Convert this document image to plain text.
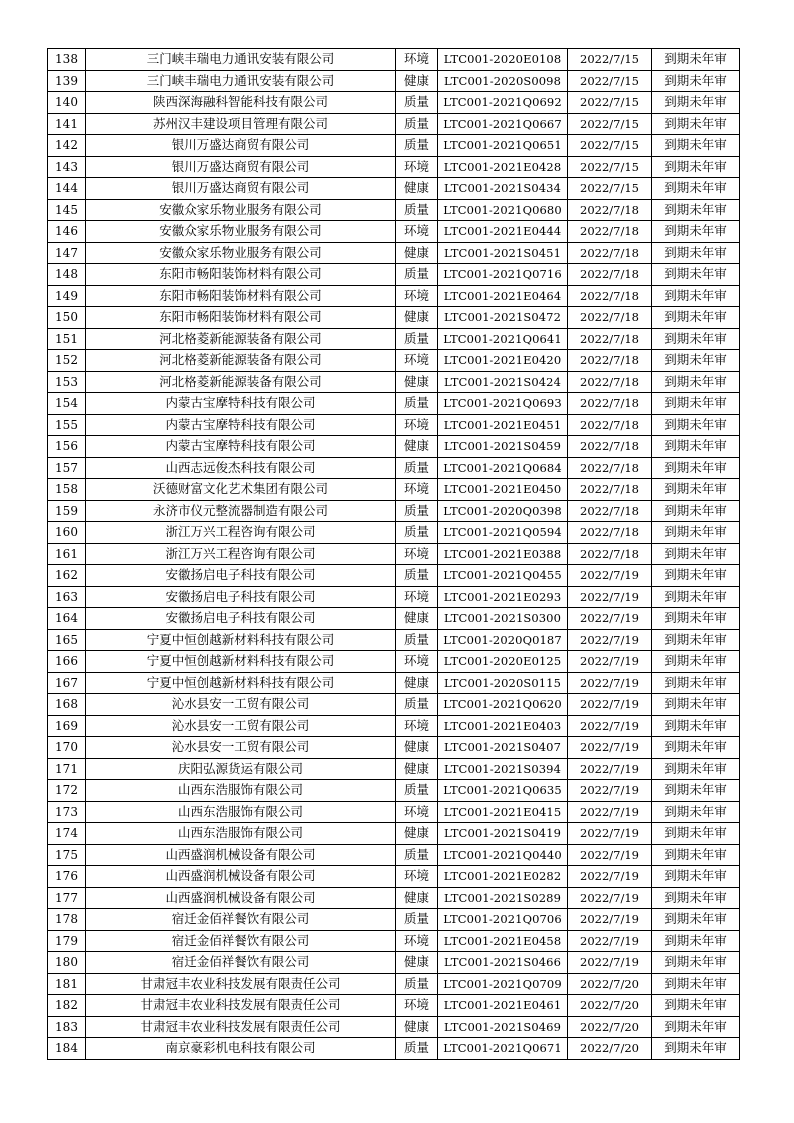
138	三门峡丰瑞电力通讯安装有限公司	环境	LTC001-2020E0108	2022/7/15	到期未年审
139	三门峡丰瑞电力通讯安装有限公司	健康	LTC001-2020S0098	2022/7/15	到期未年审
140	陕西深海融科智能科技有限公司	质量	LTC001-2021Q0692	2022/7/15	到期未年审
141	苏州汉丰建设项目管理有限公司	质量	LTC001-2021Q0667	2022/7/15	到期未年审
142	银川万盛达商贸有限公司	质量	LTC001-2021Q0651	2022/7/15	到期未年审
143	银川万盛达商贸有限公司	环境	LTC001-2021E0428	2022/7/15	到期未年审
144	银川万盛达商贸有限公司	健康	LTC001-2021S0434	2022/7/15	到期未年审
145	安徽众家乐物业服务有限公司	质量	LTC001-2021Q0680	2022/7/18	到期未年审
146	安徽众家乐物业服务有限公司	环境	LTC001-2021E0444	2022/7/18	到期未年审
147	安徽众家乐物业服务有限公司	健康	LTC001-2021S0451	2022/7/18	到期未年审
148	东阳市畅阳装饰材料有限公司	质量	LTC001-2021Q0716	2022/7/18	到期未年审
149	东阳市畅阳装饰材料有限公司	环境	LTC001-2021E0464	2022/7/18	到期未年审
150	东阳市畅阳装饰材料有限公司	健康	LTC001-2021S0472	2022/7/18	到期未年审
151	河北格菱新能源装备有限公司	质量	LTC001-2021Q0641	2022/7/18	到期未年审
152	河北格菱新能源装备有限公司	环境	LTC001-2021E0420	2022/7/18	到期未年审
153	河北格菱新能源装备有限公司	健康	LTC001-2021S0424	2022/7/18	到期未年审
154	内蒙古宝摩特科技有限公司	质量	LTC001-2021Q0693	2022/7/18	到期未年审
155	内蒙古宝摩特科技有限公司	环境	LTC001-2021E0451	2022/7/18	到期未年审
156	内蒙古宝摩特科技有限公司	健康	LTC001-2021S0459	2022/7/18	到期未年审
157	山西志远俊杰科技有限公司	质量	LTC001-2021Q0684	2022/7/18	到期未年审
158	沃德财富文化艺术集团有限公司	环境	LTC001-2021E0450	2022/7/18	到期未年审
159	永济市仪元整流器制造有限公司	质量	LTC001-2020Q0398	2022/7/18	到期未年审
160	浙江万兴工程咨询有限公司	质量	LTC001-2021Q0594	2022/7/18	到期未年审
161	浙江万兴工程咨询有限公司	环境	LTC001-2021E0388	2022/7/18	到期未年审
162	安徽扬启电子科技有限公司	质量	LTC001-2021Q0455	2022/7/19	到期未年审
163	安徽扬启电子科技有限公司	环境	LTC001-2021E0293	2022/7/19	到期未年审
164	安徽扬启电子科技有限公司	健康	LTC001-2021S0300	2022/7/19	到期未年审
165	宁夏中恒创越新材料科技有限公司	质量	LTC001-2020Q0187	2022/7/19	到期未年审
166	宁夏中恒创越新材料科技有限公司	环境	LTC001-2020E0125	2022/7/19	到期未年审
167	宁夏中恒创越新材料科技有限公司	健康	LTC001-2020S0115	2022/7/19	到期未年审
168	沁水县安一工贸有限公司	质量	LTC001-2021Q0620	2022/7/19	到期未年审
169	沁水县安一工贸有限公司	环境	LTC001-2021E0403	2022/7/19	到期未年审
170	沁水县安一工贸有限公司	健康	LTC001-2021S0407	2022/7/19	到期未年审
171	庆阳弘源货运有限公司	健康	LTC001-2021S0394	2022/7/19	到期未年审
172	山西东浩服饰有限公司	质量	LTC001-2021Q0635	2022/7/19	到期未年审
173	山西东浩服饰有限公司	环境	LTC001-2021E0415	2022/7/19	到期未年审
174	山西东浩服饰有限公司	健康	LTC001-2021S0419	2022/7/19	到期未年审
175	山西盛润机械设备有限公司	质量	LTC001-2021Q0440	2022/7/19	到期未年审
176	山西盛润机械设备有限公司	环境	LTC001-2021E0282	2022/7/19	到期未年审
177	山西盛润机械设备有限公司	健康	LTC001-2021S0289	2022/7/19	到期未年审
178	宿迁金佰祥餐饮有限公司	质量	LTC001-2021Q0706	2022/7/19	到期未年审
179	宿迁金佰祥餐饮有限公司	环境	LTC001-2021E0458	2022/7/19	到期未年审
180	宿迁金佰祥餐饮有限公司	健康	LTC001-2021S0466	2022/7/19	到期未年审
181	甘肃冠丰农业科技发展有限责任公司	质量	LTC001-2021Q0709	2022/7/20	到期未年审
182	甘肃冠丰农业科技发展有限责任公司	环境	LTC001-2021E0461	2022/7/20	到期未年审
183	甘肃冠丰农业科技发展有限责任公司	健康	LTC001-2021S0469	2022/7/20	到期未年审
184	南京豪彩机电科技有限公司	质量	LTC001-2021Q0671	2022/7/20	到期未年审
